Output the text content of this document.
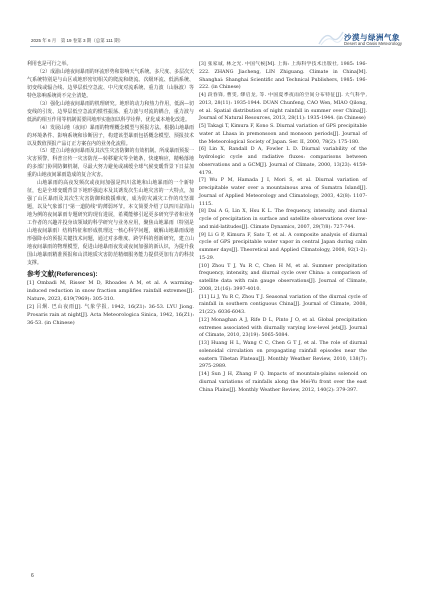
2025 年 6 月　第 19 卷第 3 期（总第 111 期）	沙漠与绿洲气象
Desert and Oasis Meteorology

利用也是可行之举。

（2）成渝山地夜间暴雨的环流形势和影响天气系统。多尺度、多层次天气系统特别是与山区或地形密切相关的爬流和绕流、次级环流、低涡系统、切变线或辐合线、边界层低空急流、中尺度对流系统、重力波（山脉波）等特色影响系统尚不完全清楚。

（3）强化山地夜间暴雨的机理研究。地形的动力和热力作用，低涡—切变线的引发、边界层低空急流的惯性振荡、重力波与对流的耦合，重力波与低涡的相互作用等机制需要同地形实施加以科学诠释，优化成本地化改进。

（4）发展山地（夜间）暴雨的物理概念模型与预报方法。根据山地暴雨的环境条件、影响系统和诊断因子，构建该型暴雨包括概念模型、预报技术以及数值预报产品订正方案在内的业务化流程。

（5）建立山地夜间暴雨及其次生灾害防御的有效机制。所成暴雨预报一灾害预警，科普宣传一灾害防范—转移避灾等全链条，快速响应，精畅落地的多部门协同防御机制，尽最大努力避免或减缓全球气候变暖背景下日益加重的山地夜间暴雨造成的复合灾害。

山地暴雨的高夜发频次或夜间加强是四川盆地和山地暴雨的一个新特征，也是全球变暖背景下地形强迫本及其诱发次生山地灾害的一大特点，加强了山区暴雨及其次生灾害防御和救援难度，成为防灾减灾工作的攻坚课题，以及气象部门"第一道防线"的薄弱环节。本文简要介绍了以四川盆周山地为例的夜间暴雨专题研究的现有进展，希冀能够引起更多研究学者和业务工作者的兴趣并投身该领域的科学研究与业务应用，聚焦山地暴雨（特别是山地夜间暴雨）结构特征和形成机理这一核心科学问题，破解山地暴雨成地形强降水的预报关键技术问题，通过对多维度、跨学科的创新研究，建立山地夜间暴雨的物理模型，促进山地暴雨夜发或夜间加强的新认识，为提升我国山地暴雨精准预报和山洪地质灾害防范精细服务能力提供更加有力的科技支撑。

参考文献(References):

[1] Ombadi M, Risser M D, Rhoades A M, et al. A warming-induced reduction in snow fraction amplifies rainfall extremes[J]. Nature, 2023, 619(7969): 305-310.

[2] 吕炯. 巴山夜雨[J]. 气象学报, 1942, 16(Z1): 36-53. LYU Jiong. Prosaris rain at night[J]. Acta Meteorologica Sinica, 1942, 16(Z1): 36-53. (in Chinese)

[3] 张家诚, 林之光. 中国气候[M]. 上海: 上海科学技术出版社, 1985: 196-222. ZHANG Jiacheng, LIN Zhiguang. Climate in China[M]. Shanghai: Shanghai Scientific and Technical Publishers, 1985: 196-222. (in Chinese)

[4] 段春锋, 曹雯, 缪启龙, 等. 中国夏季夜雨的空间分布特征[J]. 大气科学, 2013, 28(11): 1935-1944. DUAN Chunfeng, CAO Wen, MIAO Qilong, et al. Spatial distribution of night rainfall in summer over China[J]. Journal of Natural Resources, 2013, 28(11): 1935-1944. (in Chinese)

[5] Takagi T, Kimura F, Kono S. Diurnal variation of GPS precipitable water at Lhasa in premonsoon and monsoon periods[J]. Journal of the Meteorological Society of Japan. Ser. II, 2000, 78(2): 175-180.

[6] Lin X, Randall D A, Fowler L D. Diurnal variability of the hydrologic cycle and radiative fluxes: comparisons between observations and a GCM[J]. Journal of Climate, 2000, 13(23): 4159-4179.

[7] Wu P M, Hamada J I, Mori S, et al. Diurnal variation of precipitable water over a mountainous area of Sumatra Island[J]. Journal of Applied Meteorology and Climatology, 2003, 42(8): 1107-1115.

[8] Dai A G, Lin X, Hsu K L. The frequency, intensity, and diurnal cycle of precipitation in surface and satellite observations over low- and mid-latitudes[J]. Climate Dynamics, 2007, 29(7/8): 727-744.

[9] Li G P, Kimura F, Sato T, et al. A composite analysis of diurnal cycle of GPS precipitable water vapor in central Japan during calm summer days[J]. Theoretical and Applied Climatology, 2008, 92(1-2): 15-29.

[10] Zhou T J, Yu R C, Chen H M, et al. Summer precipitation frequency, intensity, and diurnal cycle over China: a comparison of satellite data with rain gauge observations[J]. Journal of Climate, 2008, 21(16): 3997-4010.

[11] Li J, Yu R C, Zhou T J. Seasonal variation of the diurnal cycle of rainfall in southern contiguous China[J]. Journal of Climate, 2008, 21(22): 6036-6043.

[12] Monaghan A J, Rife D L, Pinto J O, et al. Global precipitation extremes associated with diurnally varying low-level jets[J]. Journal of Climate, 2010, 23(19): 5065-5084.

[13] Huang H L, Wang C C, Chen G T J, et al. The role of diurnal solenoidal circulation on propagating rainfall episodes near the eastern Tibetan Plateau[J]. Monthly Weather Review, 2010, 138(7): 2975-2989.

[14] Sun J H, Zhang F Q. Impacts of mountain-plains solenoid on diurnal variations of rainfalls along the Mei-Yu front over the east China Plains[J]. Monthly Weather Review, 2012, 140(2): 379-397.

6
